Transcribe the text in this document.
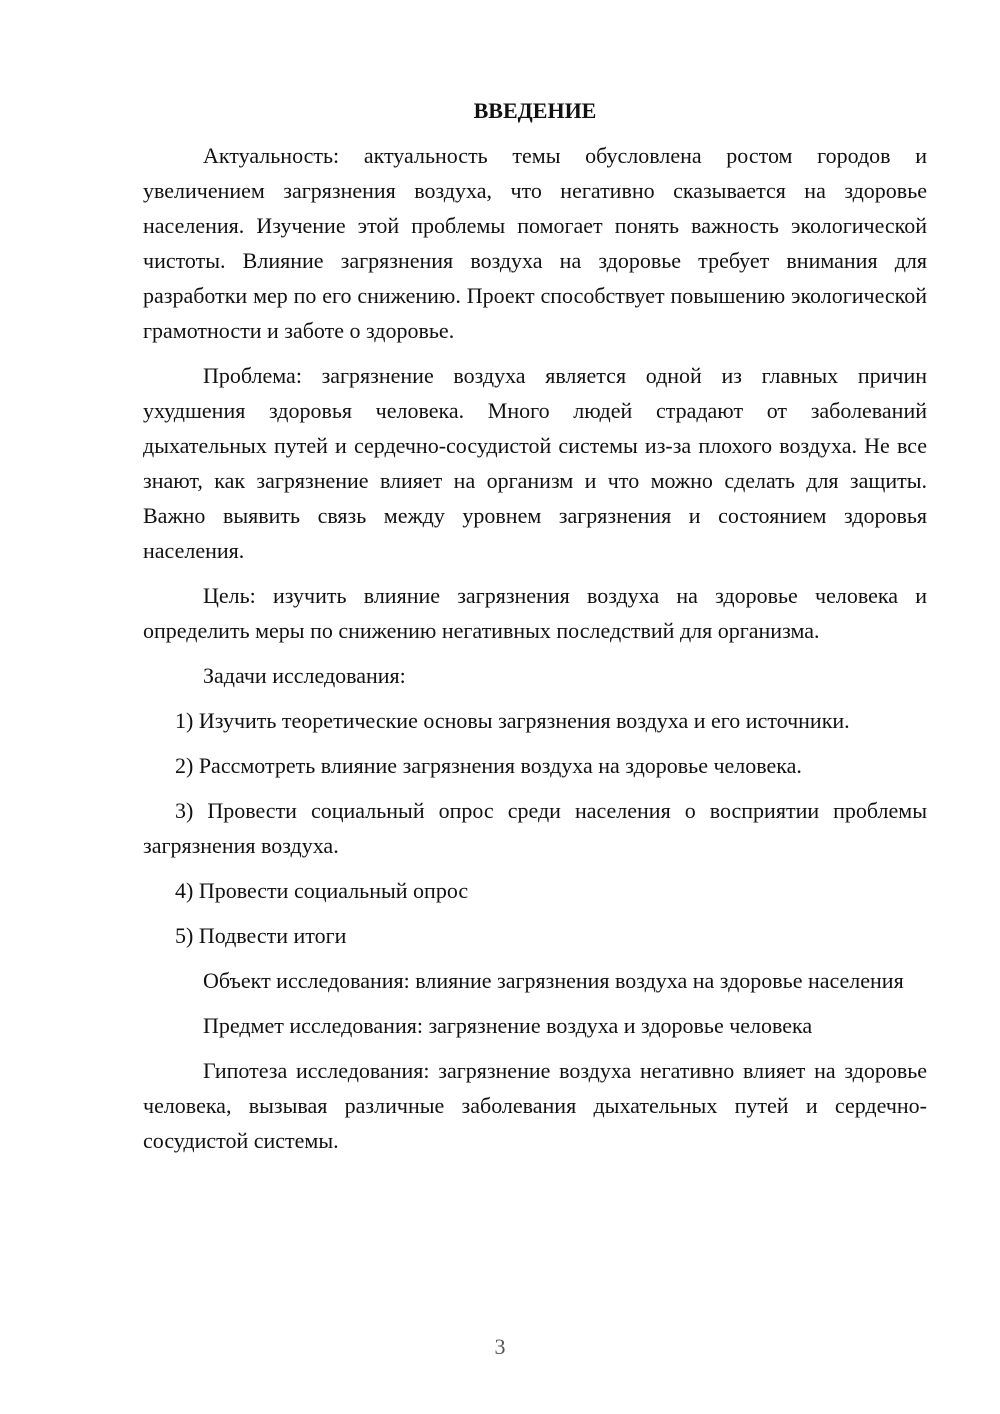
ВВЕДЕНИЕ

Актуальность: актуальность темы обусловлена ростом городов и увеличением загрязнения воздуха, что негативно сказывается на здоровье населения. Изучение этой проблемы помогает понять важность экологической чистоты. Влияние загрязнения воздуха на здоровье требует внимания для разработки мер по его снижению. Проект способствует повышению экологической грамотности и заботе о здоровье.

Проблема: загрязнение воздуха является одной из главных причин ухудшения здоровья человека. Много людей страдают от заболеваний дыхательных путей и сердечно-сосудистой системы из-за плохого воздуха. Не все знают, как загрязнение влияет на организм и что можно сделать для защиты. Важно выявить связь между уровнем загрязнения и состоянием здоровья населения.

Цель: изучить влияние загрязнения воздуха на здоровье человека и определить меры по снижению негативных последствий для организма.

Задачи исследования:

1) Изучить теоретические основы загрязнения воздуха и его источники.

2) Рассмотреть влияние загрязнения воздуха на здоровье человека.

3) Провести социальный опрос среди населения о восприятии проблемы загрязнения воздуха.

4) Провести социальный опрос

5) Подвести итоги

Объект исследования: влияние загрязнения воздуха на здоровье населения

Предмет исследования: загрязнение воздуха и здоровье человека

Гипотеза исследования: загрязнение воздуха негативно влияет на здоровье человека, вызывая различные заболевания дыхательных путей и сердечно-сосудистой системы.

3
